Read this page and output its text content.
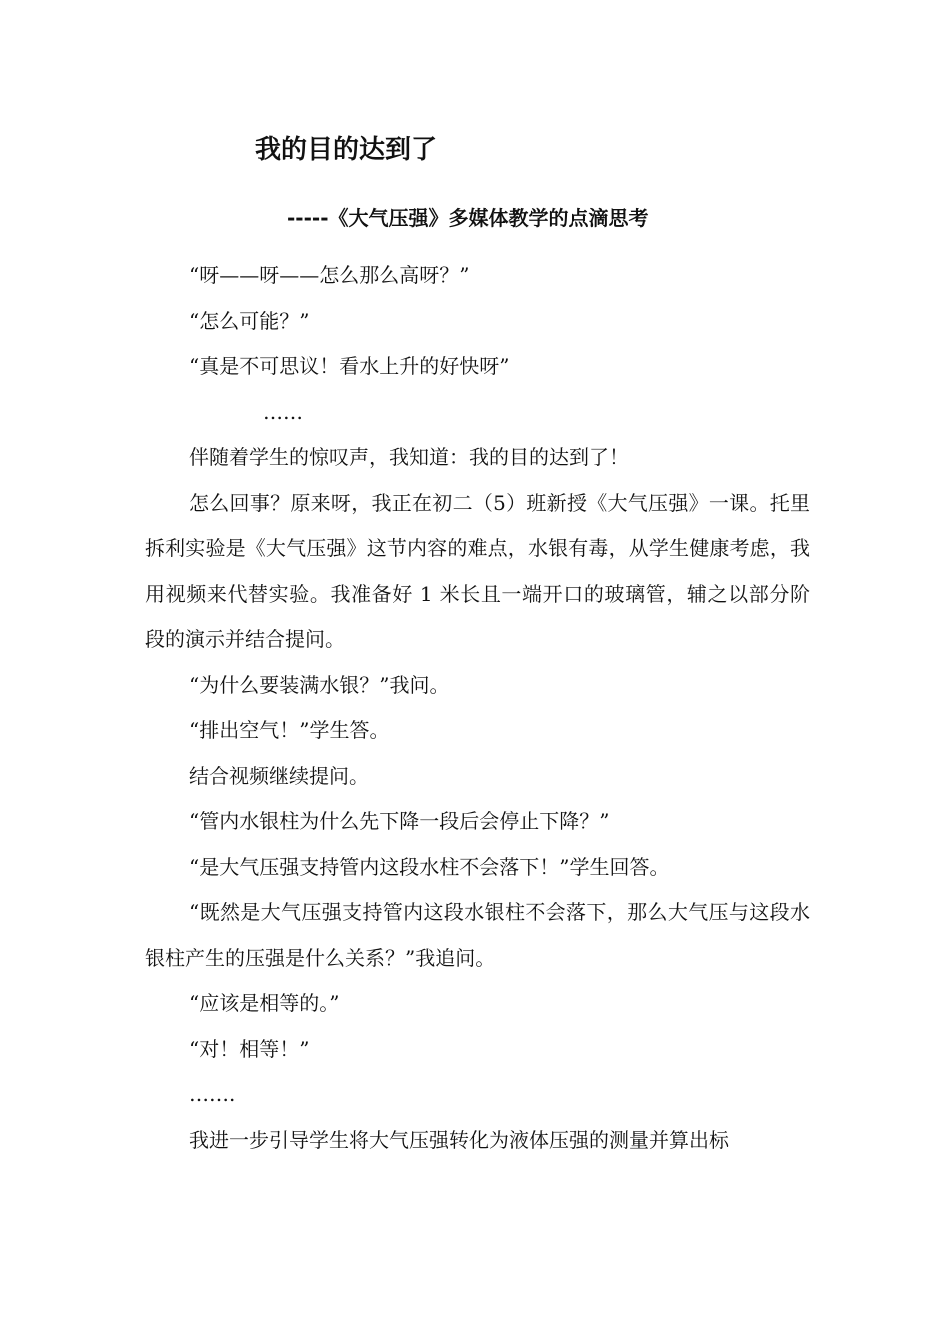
我的目的达到了
-----《大气压强》多媒体教学的点滴思考

“呀——呀——怎么那么高呀？”

“怎么可能？”

“真是不可思议！看水上升的好快呀”

……

伴随着学生的惊叹声，我知道：我的目的达到了！

怎么回事？原来呀，我正在初二（5）班新授《大气压强》一课。托里拆利实验是《大气压强》这节内容的难点，水银有毒，从学生健康考虑，我用视频来代替实验。我准备好 1 米长且一端开口的玻璃管，辅之以部分阶段的演示并结合提问。

“为什么要装满水银？”我问。

“排出空气！”学生答。

结合视频继续提问。

“管内水银柱为什么先下降一段后会停止下降？”

“是大气压强支持管内这段水柱不会落下！”学生回答。

“既然是大气压强支持管内这段水银柱不会落下，那么大气压与这段水银柱产生的压强是什么关系？”我追问。

“应该是相等的。”

“对！相等！”

…….

我进一步引导学生将大气压强转化为液体压强的测量并算出标
